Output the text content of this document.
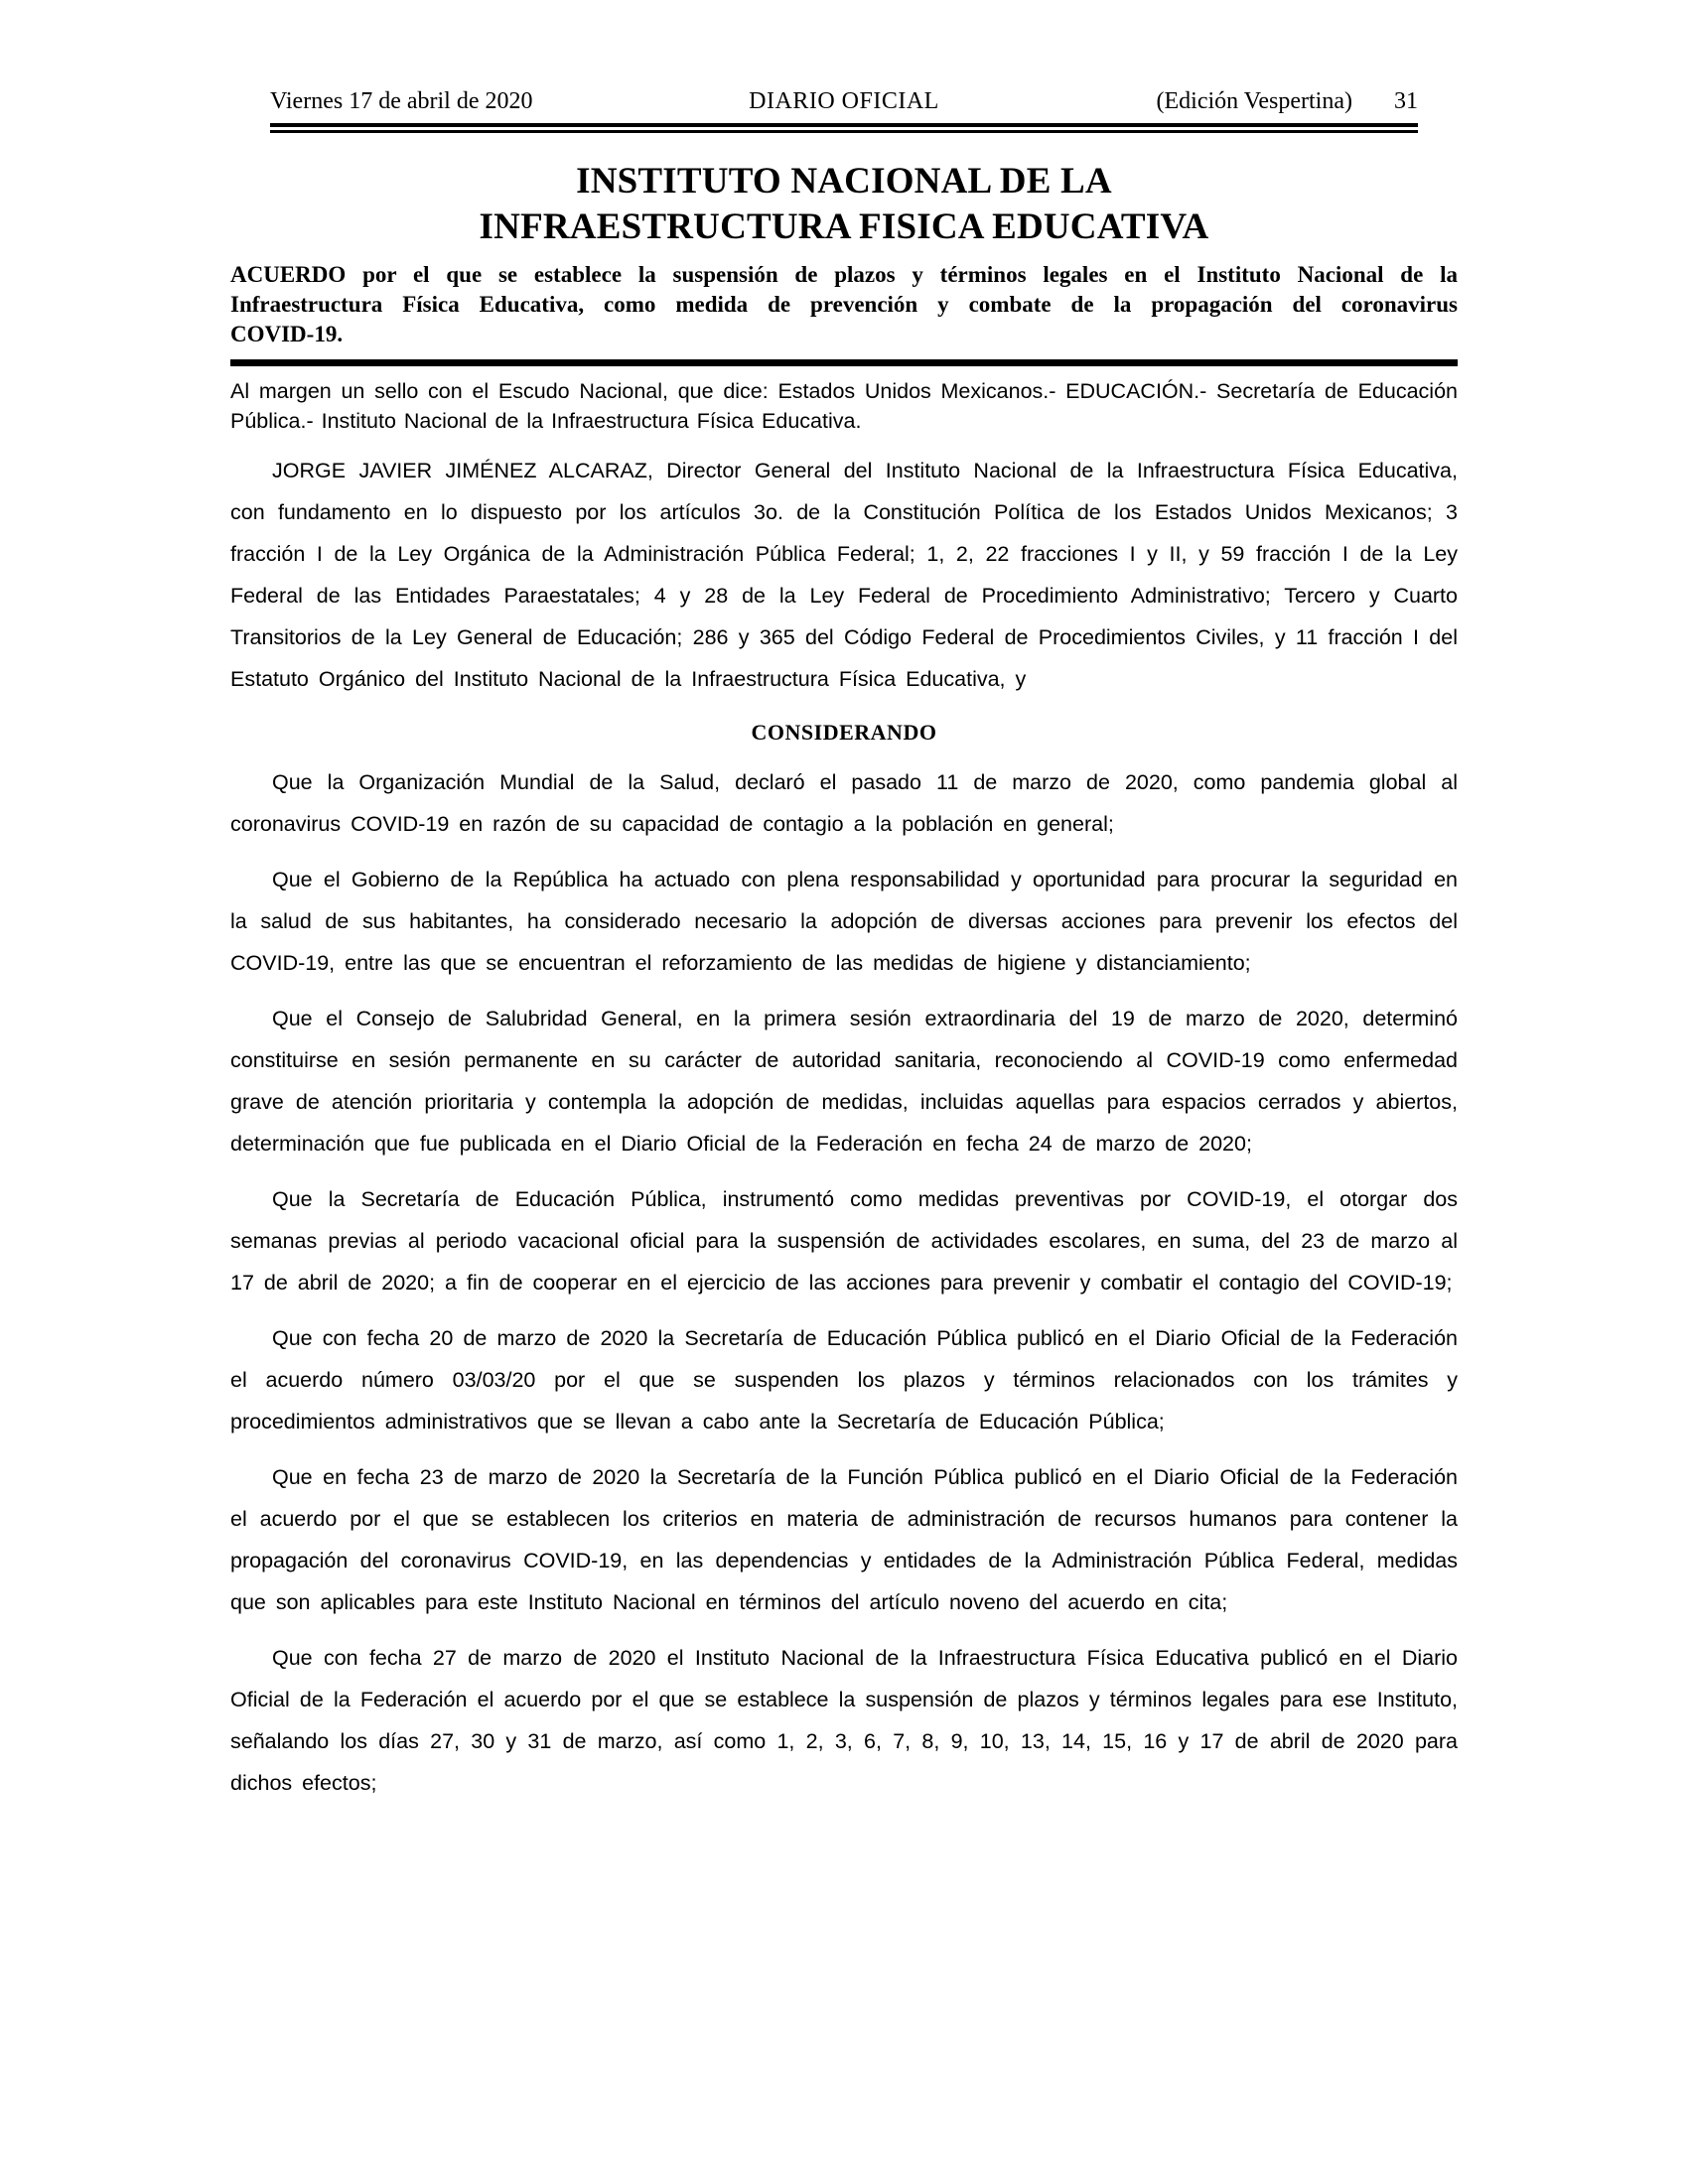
Viernes 17 de abril de 2020	DIARIO OFICIAL	(Edición Vespertina) 31
INSTITUTO NACIONAL DE LA
INFRAESTRUCTURA FISICA EDUCATIVA

ACUERDO por el que se establece la suspensión de plazos y términos legales en el Instituto Nacional de la Infraestructura Física Educativa, como medida de prevención y combate de la propagación del coronavirus COVID-19.

Al margen un sello con el Escudo Nacional, que dice: Estados Unidos Mexicanos.- EDUCACIÓN.- Secretaría de Educación Pública.- Instituto Nacional de la Infraestructura Física Educativa.

JORGE JAVIER JIMÉNEZ ALCARAZ, Director General del Instituto Nacional de la Infraestructura Física Educativa, con fundamento en lo dispuesto por los artículos 3o. de la Constitución Política de los Estados Unidos Mexicanos; 3 fracción I de la Ley Orgánica de la Administración Pública Federal; 1, 2, 22 fracciones I y II, y 59 fracción I de la Ley Federal de las Entidades Paraestatales; 4 y 28 de la Ley Federal de Procedimiento Administrativo; Tercero y Cuarto Transitorios de la Ley General de Educación; 286 y 365 del Código Federal de Procedimientos Civiles, y 11 fracción I del Estatuto Orgánico del Instituto Nacional de la Infraestructura Física Educativa, y

CONSIDERANDO

Que la Organización Mundial de la Salud, declaró el pasado 11 de marzo de 2020, como pandemia global al coronavirus COVID-19 en razón de su capacidad de contagio a la población en general;

Que el Gobierno de la República ha actuado con plena responsabilidad y oportunidad para procurar la seguridad en la salud de sus habitantes, ha considerado necesario la adopción de diversas acciones para prevenir los efectos del COVID-19, entre las que se encuentran el reforzamiento de las medidas de higiene y distanciamiento;

Que el Consejo de Salubridad General, en la primera sesión extraordinaria del 19 de marzo de 2020, determinó constituirse en sesión permanente en su carácter de autoridad sanitaria, reconociendo al COVID-19 como enfermedad grave de atención prioritaria y contempla la adopción de medidas, incluidas aquellas para espacios cerrados y abiertos, determinación que fue publicada en el Diario Oficial de la Federación en fecha 24 de marzo de 2020;

Que la Secretaría de Educación Pública, instrumentó como medidas preventivas por COVID-19, el otorgar dos semanas previas al periodo vacacional oficial para la suspensión de actividades escolares, en suma, del 23 de marzo al 17 de abril de 2020; a fin de cooperar en el ejercicio de las acciones para prevenir y combatir el contagio del COVID-19;

Que con fecha 20 de marzo de 2020 la Secretaría de Educación Pública publicó en el Diario Oficial de la Federación el acuerdo número 03/03/20 por el que se suspenden los plazos y términos relacionados con los trámites y procedimientos administrativos que se llevan a cabo ante la Secretaría de Educación Pública;

Que en fecha 23 de marzo de 2020 la Secretaría de la Función Pública publicó en el Diario Oficial de la Federación el acuerdo por el que se establecen los criterios en materia de administración de recursos humanos para contener la propagación del coronavirus COVID-19, en las dependencias y entidades de la Administración Pública Federal, medidas que son aplicables para este Instituto Nacional en términos del artículo noveno del acuerdo en cita;

Que con fecha 27 de marzo de 2020 el Instituto Nacional de la Infraestructura Física Educativa publicó en el Diario Oficial de la Federación el acuerdo por el que se establece la suspensión de plazos y términos legales para ese Instituto, señalando los días 27, 30 y 31 de marzo, así como 1, 2, 3, 6, 7, 8, 9, 10, 13, 14, 15, 16 y 17 de abril de 2020 para dichos efectos;
